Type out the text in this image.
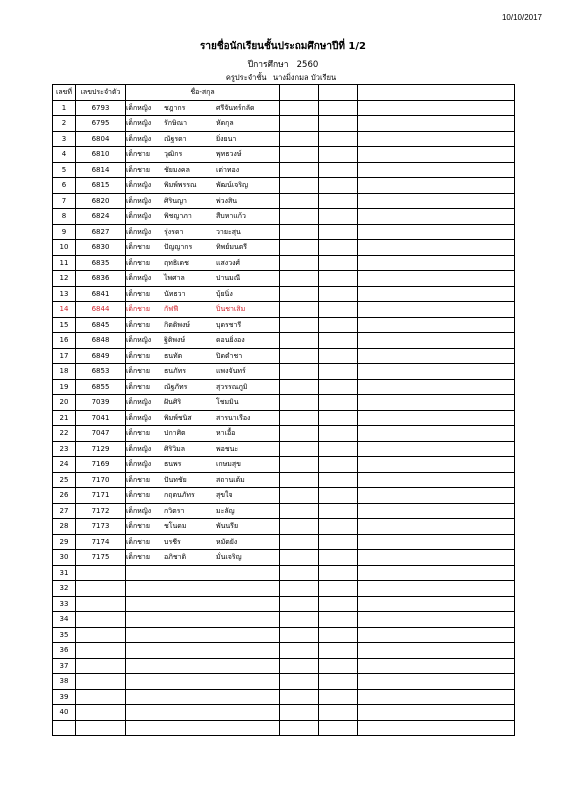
10/10/2017
รายชื่อนักเรียนชั้นประถมศึกษาปีที่ 1/2
ปีการศึกษา 2560
ครูประจำชั้น นางมิ่งกมล บัวเรียน
เลขที่	เลขประจำตัว	ชื่อ-สกุล			
1	6793	เด็กหญิง ชฎากร ศรีจันทร์กลัด			
2	6795	เด็กหญิง รักษิณา หัดกุล			
3	6804	เด็กหญิง ณัฐรดา ยิ่งยนา			
4	6810	เด็กชาย วุฒิกร พุทธวงษ์			
5	6814	เด็กชาย ชัยมงคล เต่าทอง			
6	6815	เด็กหญิง พิมพ์พรรณ พัฒน์เจริญ			
7	6820	เด็กหญิง ศิรินญา พ่วงสิน			
8	6824	เด็กหญิง พิชญาภา สืบหาแก้ว			
9	6827	เด็กหญิง รุ่งรดา วายะสุน			
10	6830	เด็กชาย ปัญญากร ทิพย์มนตรี			
11	6835	เด็กชาย ฤทธิเดช แสงวงศ์			
12	6836	เด็กหญิง ไพศาล ปานมณี			
13	6841	เด็กชาย นัทธวา บุ้ยนิ่ง			
14	6844	เด็กชาย กัฟฟี ปิ่นชาเสิม			
15	6845	เด็กชาย กิตติพงษ์ บุดรชารี			
16	6848	เด็กหญิง ฐิติพงษ์ ดอนยิ่งอง			
17	6849	เด็กชาย ธนทัต ปิดตำชา			
18	6853	เด็กชาย ธนภัทร แพงจันทร์			
19	6855	เด็กชาย ณัฐภัทร สุวรรณภูมิ			
20	7039	เด็กหญิง ฝันศิริ โชมมิน			
21	7041	เด็กหญิง พิมพ์ชนิส สารนาเรือง			
22	7047	เด็กชาย ปกาศิต หาเอื้อ			
23	7129	เด็กหญิง ศิริวิมล พอชนะ			
24	7169	เด็กหญิง ธนพร เกษมสุข			
25	7170	เด็กชาย ปันทชัย สถานเต้ม			
26	7171	เด็กชาย กฤตนภัทร สุขใจ			
27	7172	เด็กหญิง กวิตรา มะลัญ			
28	7173	เด็กชาย ชโนดม พันนรีย			
29	7174	เด็กชาย บรชีร หมัดยัง			
30	7175	เด็กชาย อภิชาติ มั่นเจริญ			
31					
32					
33					
34					
35					
36					
37					
38					
39					
40					
